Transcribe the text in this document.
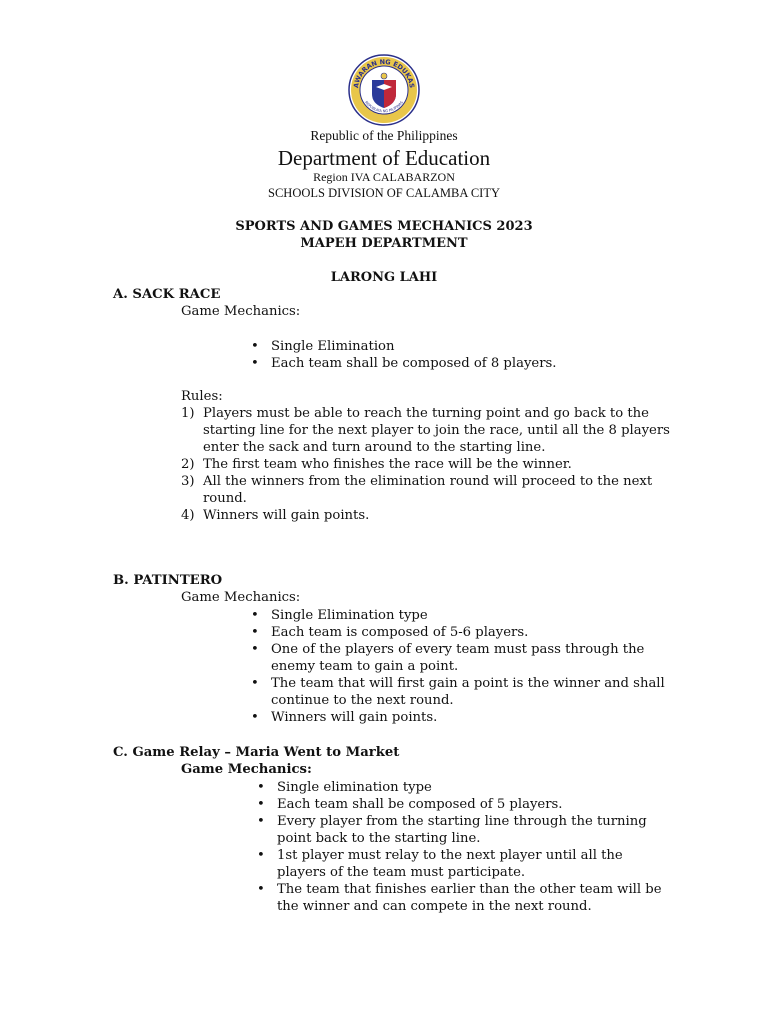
AWARAN NG EDUKAS
REPUBLIKA NG PILIPINAS
Republic of the Philippines
Department of Education
Region IVA CALABARZON
SCHOOLS DIVISION OF CALAMBA CITY
SPORTS AND GAMES MECHANICS 2023
MAPEH DEPARTMENT
LARONG LAHI
A. SACK RACE
Game Mechanics:
• Single Elimination
• Each team shall be composed of 8 players.
Rules:
1) Players must be able to reach the turning point and go back to the
starting line for the next player to join the race, until all the 8 players
enter the sack and turn around to the starting line.
2) The first team who finishes the race will be the winner.
3) All the winners from the elimination round will proceed to the next
round.
4) Winners will gain points.
B. PATINTERO
Game Mechanics:
• Single Elimination type
• Each team is composed of 5-6 players.
• One of the players of every team must pass through the
enemy team to gain a point.
• The team that will first gain a point is the winner and shall
continue to the next round.
• Winners will gain points.
C. Game Relay – Maria Went to Market
Game Mechanics:
• Single elimination type
• Each team shall be composed of 5 players.
• Every player from the starting line through the turning
point back to the starting line.
• 1st player must relay to the next player until all the
players of the team must participate.
• The team that finishes earlier than the other team will be
the winner and can compete in the next round.
